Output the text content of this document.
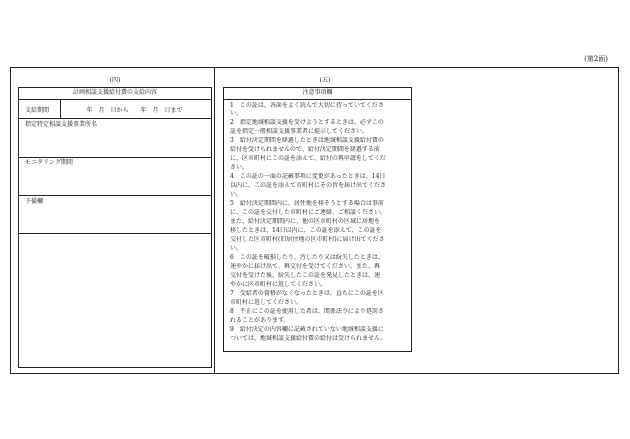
(第2面)
(四)	(五)
計画相談支援給付費の支給内容
支給期間	年　月　日から　　年　月　日まで
指定特定相談支援事業所名
モニタリング期間
予備欄
注意事項欄
1　この証は、各面をよく読んで大切に持っていてくださ
い。
2　指定地域相談支援を受けようとするときは、必ずこの
証を指定一般相談支援事業者に提示してください。
3　給付決定期間を経過したときは地域相談支援給付費の
給付を受けられませんので、給付決定期間を経過する前
に、区市町村にこの証を添えて、給付の再申請をしてくだ
さい。
4　この証の一面の記載事項に変更があったときは、14日
以内に、この証を添えて市町村にその旨を届け出てくださ
い。
5　給付決定期間内に、居住地を移そうとする場合は事前
に、この証を交付した市町村にご連絡、ご相談ください。
また、給付決定期間内に、他の区市町村の区域に居地を
移したときは、14日以内に、この証を添えて、この証を
交付した区市町村(旧居住地の区市町村)に届け出てくださ
い。
6　この証を破損したり、汚したり又は紛失したときは、
速やかに届け出て、再交付を受けてください。また、再
交付を受けた後、紛失したこの証を発見したときは、速
やかに区市町村に返してください。
7　受給者の資格がなくなったときは、直ちにこの証を区
市町村に返してください。
8　不正にこの証を使用した者は、関係法令により処罰さ
れることがあります。
9　給付決定の内容欄に記載されていない地域相談支援に
ついては、地域相談支援給付費の給付は受けられません。
